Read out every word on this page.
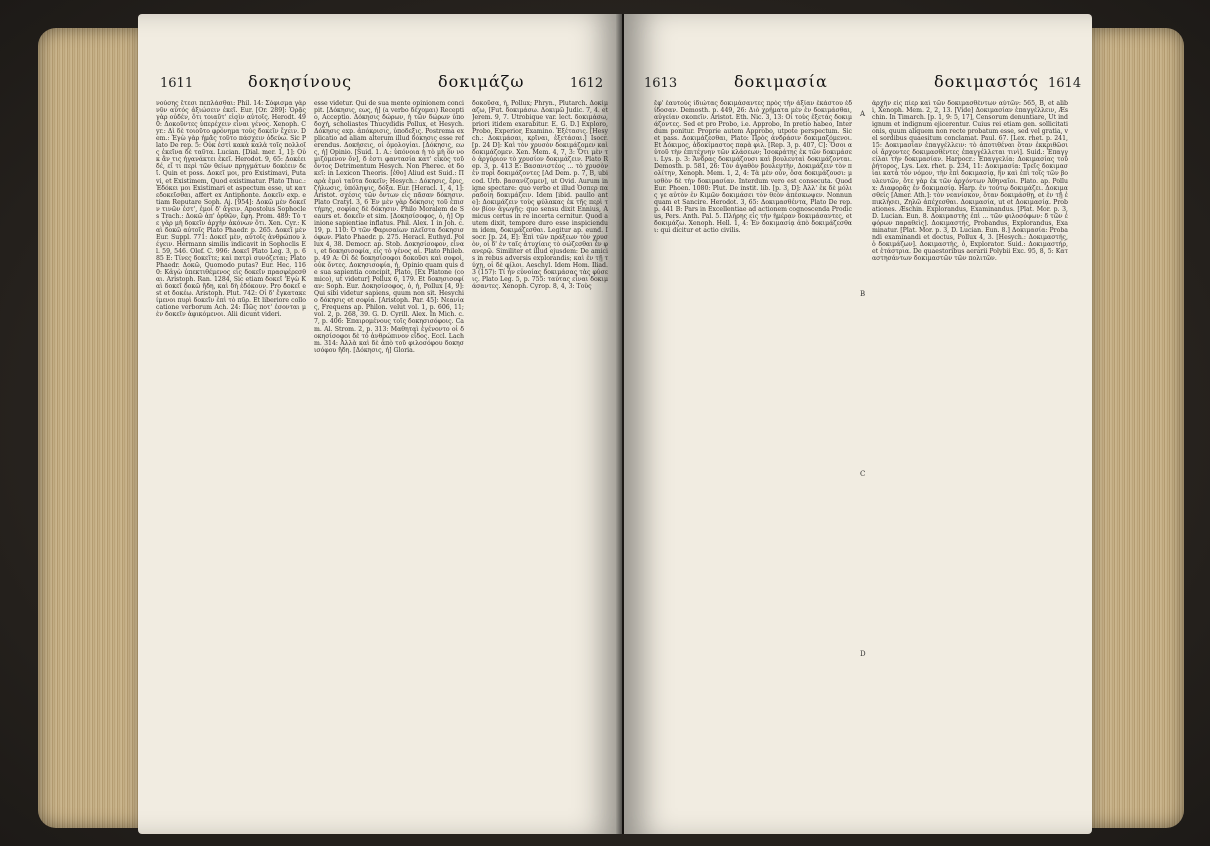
1611	δοκησίνους	δοκιμάζω	1612

νούσης ἔτεσι πεπλάσθαι: Phil. 14: Σόφισμα γὰρ νῦν αὐτός ἀξιώσειν ἐκεῖ. Eur. [Or. 289]: Ὁρᾷς γὰρ οὐδέν, ὅτι τοιαῦτ' εἰσὶν αὐτοῖς. Herodt. 490: Δοκοῦντες ὑπερέχειν εἶναι γένος. Xenoph. Cyr.: Δὶ δὲ τοιοῦτο φρόνημα τοὺς δοκεῖν ἔχειν. Dem.: Ἐγὼ γὰρ ἡμᾶς τοῦτο πάσχειν ὁδεύω. Sic Plato De rep. 5: Οὐκ ἐστὶ κακὰ καλὰ τοῖς πολλοῖς ἐκεῖνα δὲ ταῦτα. Lucian. [Dial. mer. 1, 1]: Οὐκ ἂν τις ἠγανάκτει ἐκεῖ. Herodot. 9, 65: Δοκέει δέ, εἴ τι περὶ τῶν θείων πρηγμάτων δοκέειν δεῖ. Quin et poss. Δοκεῖ μοι, pro Existimavi, Putavi, et Existimem, Quod existimatur. Plato Thuc.: Ἐδόκει μοι Existimari et aspectum esse, ut κατεδοκεῖσθαι, affert ex Antiphonte. Δοκεῖν exp. etiam Reputare Soph. Aj. [954]: Δοκῶ μὲν δοκεῖν τινῶν ἐστ', ἐμοὶ δ' ἄγειν. Apostolus Sophocles Trach.: Δοκῶ ἀπ' ὀρθῶν, ἔφη. Prom. 489: Τὸ τε γὰρ μὴ δοκεῖν ἀρχὴν ἀκόνων ὅτι. Xen. Cyr.: Καὶ δοκῶ αὐτοῖς Plato Phaedr. p. 265. Δοκεῖ μὲν Eur. Suppl. 771: Δοκεῖ μὲν, αὐτοῖς ἀνθρώπου λέγειν. Hermann similis indicavit in Sophoclis El. 59, 546. Olef. C. 996: Δοκεῖ Plato Leg. 3, p. 685 E: Τίνες δοκεῖτε; καὶ πατρὶ συνόζεται; Plato Phaedr. Δοκῶ, Quomodo putas? Eur. Hec. 1160: Κἀγὼ ὑπεκτιθέμενος εἰς δοκεῖν πρασφέρεσθαι. Aristoph. Ran. 1284, Sic etiam δοκεῖ 'Εγὼ Καὶ δοκεῖ δοκῶ ἤδη, καὶ δὴ ἐδόκουν. Pro δοκεῖ est et δοκέω. Aristoph. Plut. 742: Οἱ δ' ἔγκατακείμενοι πυρὶ δοκεῖν ἐπὶ τὸ πῦρ. Et liberiore collocatione verborum Ach. 24: Πῶς ποτ' ἐσονται μὲν δοκεῖν ἀφικόμενοι. Alii dicunt videri.

esse videtur. Qui de sua mente opinionem concipit. [Δόκησις, εως, ἡ] (a verbo δέχομαι) Receptio, Acceptio. Δόκησις δώρων, ἡ τῶν δώρων ὑποδοχή, scholiastes Thucydidis Pollux, et Hesych. Δόκησις exp. ἀπόκρισις, ὑποδεξις. Postrema explicatio ad aliam alterum illud δόκησις esse referendus. Δοκήσεις, οἱ ὁμολογίαι. [Δόκησις, εως, ἡ] Opinio. [Suid. 1. A.: ὑπόνοια ἡ τὸ μὴ ὂν νομιζόμενον ὄν], δ ἐστι φαντασία κατ' εἰκὸς τοῦ ὄντος Detrimentum Hesych. Non Pherec. et δοκεῖ: in Lexicon Theoris. [ἐθο] Aliud est Suid.: Παρὰ ἐμοὶ ταῦτα δοκεῖν; Hesych.: Δόκησις, ἔρις, ζήλωσις, ὑπόληψις, δόξα. Eur. [Heracl. 1, 4, 1]: Aristot. σχέσις τῶν ὄντων εἰς πᾶσαν δόκησιν. Plato Cratyl. 3, 6 Ἐν μὲν γὰρ δόκησις τοῦ ἐπιστήμης, σοφίας δὲ δόκησιν. Philo Moralem de Seaurs et. δοκεῖν et sim. [Δοκησίσοφος, ὁ, ἡ] Opinione sapientiae inflatus. Phil. Alex. 1 in Joh. c. 19, p. 110: Ὁ τῶν Φαρισαίων πλεῖστα δοκησισόφων. Plato Phaedr. p. 275. Heracl. Euthyd. Pollux 4, 38. Democr. ap. Stob. Δοκησίσοφον, εἶναι, et δοκησισοφία, εἰς τὸ γένος αἱ. Plato Phileb. p. 49 A: Οἱ δὲ δοκησίσοφοι δοκοῦσι καὶ σοφοὶ, οὐκ ὄντες. Δοκησισοφία, ἡ, Opinio quam quis de sua sapientia concipit, Plato, [Ex Platone (comico), ut videtur] Pollux 6, 179. Et δοκησισοφίαν: Soph. Eur. Δοκησίσοφος, ὁ, ἡ, Pollux [4, 9]: Qui sibi videtur sapiens, quum non sit. Hesychio δόκησις et σοφία. [Aristoph. Par. 45]: Νεανίας, Frequens ap. Philon. velut vol. 1, p. 606, 11; vol. 2, p. 268, 39. G. D. Cyrill. Alex. In Mich. c. 7, p. 406: Ἐπαιρομένους τοῖς δοκησισόφοις. Cam. Al. Strom. 2, p. 313: Μαθηταὶ ἐγένοντο οἱ δοκησίσοφοι δὲ τὸ ἀνθρώπινον εἶδος. Eccl. Lachm. 314: Ἀλλὰ καὶ δὲ ἀπὸ τοῦ φιλοσόφου δοκησισόφου ἤδη. [Δόκησις, ἡ] Gloria.

δοκοῦσα, ἡ, Pollux; Phryn., Plutarch. Δοκίμαζω, [Fut. δοκιμάσω. Δοκιμῶ Judic. 7, 4. et Jerem. 9, 7. Utrobique var. lect. δοκιμάσω, priori itidem exarabitur. E. G. D.] Exploro, Probo, Experior, Examino. Ἐξέτασις. [Hesych.: Δοκιμάσαι, κρῖναι, ἐξετάσαι.] Isocr. [p. 24 D]: Καὶ τὸν χρυσὸν δοκιμάζομεν καὶ δοκιμάζομεν. Xen. Mem. 4, 7, 3: Ὅτι μὲν τὸ ἀργύριον τὸ χρυσίον δοκιμάζειν. Plato Rep. 3, p. 413 E: Βασανιστέος ... τὸ χρυσὸν ἐν πυρὶ δοκιμάζοντες [Ad Dem. p. 7, B, ubi cod. Urb. βασανίζομεν], ut Ovid. Aurum in igne spectare: quo verbo et illud Ὁσπερ παραδοίη δοκιμάζειν. Idem [ibid. paullo ante]: Δοκιμάζειν τοὺς φύλακας ἐκ τῆς περὶ τὸν βίον ἀγωγῆς: quo sensu dixit Ennius, Amicus certus in re incerta cernitur. Quod autem dixit, tempore duro esse inspiciendum idem, δοκιμάζεσθαι. Legitur ap. eund. Isocr. [p. 24, E]: Ἐπὶ τῶν πράξεων τὸν χρυσὸν, οἱ δ' ἐν ταῖς ἀτυχίαις τὸ σώζεσθαι ἐν φανερῷ. Similiter et illud ejusdem: De amicis in rebus adversis explorandis; καὶ ἐν τῇ τύχῃ, οἱ δὲ φίλοι. Aeschyl. Idem Hom. Iliad. 3 (157): Τί ἦν εὐνοίας δοκιμάσας τὰς φύσεις. Plato Leg. 5, p. 755: ταύτας εἶναι δοκιμάσαντες. Xenoph. Cyrop. 8, 4, 3: Τοὺς

1613	δοκιμασία	δοκιμαστός 1614

ἔφ' ἑαυτοὺς ἰδιώτας δοκιμάσαντες πρὸς τὴν ἀξίαν ἑκάστου ἐδίδοσαν. Demosth. p. 449, 26: Διὸ χρήματα μὲν ἐν δοκιμάσθαι, αὐγείαν σκοπεῖν. Aristot. Eth. Nic. 3, 13: Οἱ τοὺς ἐξετάς δοκιμάζοντες. Sed et pro Probo, i.e. Approbo, In pretio habeo, Interdum ponitur. Proprie autem Approbo, utpote perspectum. Sic et pass. Δοκιμάζεσθαι, Plato: Πρὸς ἀνδράσιν δοκιμαζόμενοι. Et Δόκιμος, ἀδοκίμαστος παρὰ φιλ. [Rep. 3, p. 407, C]: Ὅσοι αὐτοῦ τὴν ἐπιτέχνην τῶν κλάσεων; Ἰσοκράτης ἐκ τῶν δοκιμάσει. Lys. p. 3: Ἄνδρας δοκιμάζουσι καὶ βουλευταὶ δοκιμάζονται. Demosth. p. 581, 26: Τὸν ἀγαθὸν βουλευτὴν, Δοκιμάζειν τὸν πολίτην, Xenoph. Mem. 1, 2, 4: Τὰ μὲν οὖν, ὅσα δοκιμάζουσι: μισθὸν δὲ τὴν δοκιμασίαν. Interdum vero est consecuta. Quod Eur. Phoen. 1080: Plut. De instit. lib. [p. 3, D]: Ἀλλ' ἐκ δὲ μόλις γε αὐτὸν ἐν Κιμῶν δοκιμάσει τὸν θεὸν ἀπέσκωψεν. Nonnunquam et Sancire. Herodot. 3, 65: Δοκιμασθέντα, Plato De rep. p. 441 B: Pars in Excellentiae ad actionem cognoscenda Prodicus, Pers. Anth. Pal. 5. Πλήρης εἰς τὴν ἡμέραν δοκιμάσαντες, et δοκιμάζω. Xenoph. Hell. 1, 4: Ἐν δοκιμασίᾳ ἀπὸ δοκιμάζεσθαι: qui dicitur et actio civilis.

A
B
C
D

ἀρχὴν εἰς πίερ καὶ τῶν δοκιμασθέντων αὐτῶν: 565, B, et alibi, Xenoph. Mem. 2, 2, 13. [Vide] Δοκιμασίαν ἐπαγγέλλειν, Æschin. In Timarch. [p. 1, 9: 5, 17], Censorum denuntiare, Ut indignum et indignum ejicerentur. Cuius rei etiam gen. sollicitationis, quum aliquem non recte probatum esse, sed vel gratia, vel sordibus quaesitum conclamat. Paul. 67. [Lex. rhet. p. 241, 15: Δοκιμασίαν ἐπαγγέλλειν: τὸ ἀποτιθέναι ὅταν ἐκκριθῶσι οἱ ἄρχοντες δοκιμασθέντες ἐπαγγέλλεται τινὶ]. Suid.: Ἐπαγγείλαι τὴν δοκιμασίαν. Harpocr.: Ἐπαγγελία: Δοκιμασίας τοῦ ῥήτορος, Lys. Lex. rhet. p. 234, 11: Δοκιμασία: Τρεῖς δοκιμασίαι κατὰ τὸν νόμον, τὴν ἐπὶ δοκιμασίᾳ, ἣν καὶ ἐπὶ τοῖς τῶν βουλευτῶν, ὅτε γὰρ ἐκ τῶν ἀρχόντων Ἀθηναῖοι. Plato. ap. Pollux: Διαφορᾶς ἐν δοκιμασίᾳ. Harp. ἐν τούτῳ δοκιμάζει. Δοκιμασθείς [Amer. Ath.]: τὸν νεανίσκον, ὅταν δοκιμάσθῃ, et ἐν τῇ ἐπικλήσει, Ζηλῶ ἀπέχεσθαι. Δοκιμασία, ut et Δοκιμασίᾳ. Probationes. Æschin. Explorandus, Examinandus. [Plat. Mor. p. 3, D. Lucian. Eun. 8. Δοκιμαστὴς ἐπὶ ... τῶν φιλοσόφων: δ τῶν ἐφόρων παραθεὶς]. Δοκιμαστής, Probandus, Explorandus, Examinatur. [Plat. Mor. p. 3, D. Lucian. Eun. 8.] Δοκιμασία: Probandi examinandi et doctus, Pollux 4, 3. [Hesych.: Δοκιμαστής, ὁ δοκιμάζων]. Δοκιμαστὴς, ὁ, Explorator. Suid.: Δοκιμαστήρ, et ἐτάστρια. De quaestoribus aerarii Polybii Exc. 95, 8, 5: Καταστησάντων δοκιμαστῶν τῶν πολιτῶν.
